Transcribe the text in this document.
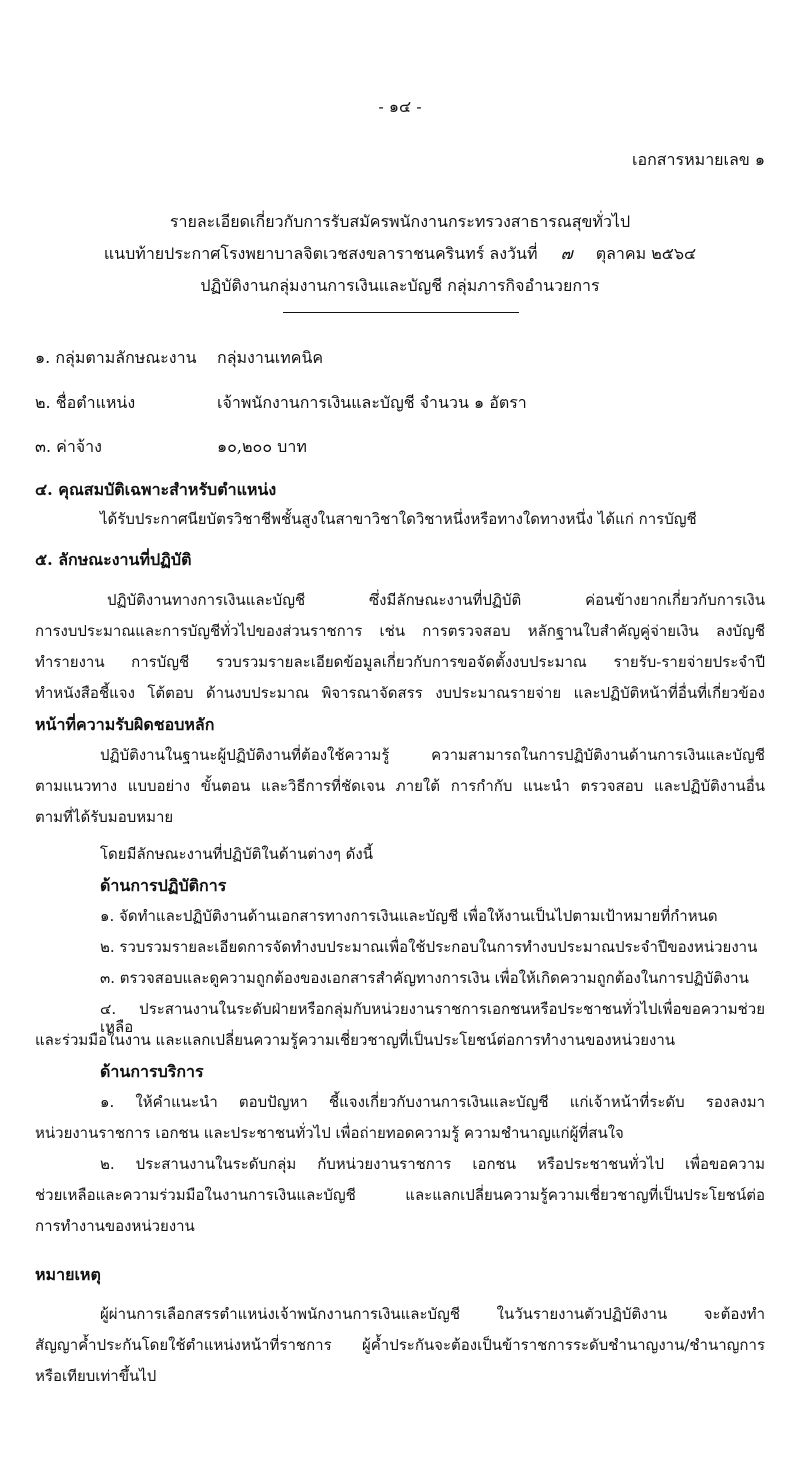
- ๑๔ -
เอกสารหมายเลข ๑
รายละเอียดเกี่ยวกับการรับสมัครพนักงานกระทรวงสาธารณสุขทั่วไป
แนบท้ายประกาศโรงพยาบาลจิตเวชสงขลาราชนครินทร์ ลงวันที่ ๗ ตุลาคม ๒๕๖๔
ปฏิบัติงานกลุ่มงานการเงินและบัญชี กลุ่มภารกิจอำนวยการ
๑. กลุ่มตามลักษณะงาน กลุ่มงานเทคนิค
๒. ชื่อตำแหน่ง	เจ้าพนักงานการเงินและบัญชี จำนวน ๑ อัตรา
๓. ค่าจ้าง	๑๐,๒๐๐ บาท
๔. คุณสมบัติเฉพาะสำหรับตำแหน่ง
ได้รับประกาศนียบัตรวิชาชีพชั้นสูงในสาขาวิชาใดวิชาหนึ่งหรือทางใดทางหนึ่ง ได้แก่ การบัญชี
๕. ลักษณะงานที่ปฏิบัติ
ปฏิบัติงานทางการเงินและบัญชี ซึ่งมีลักษณะงานที่ปฏิบัติ ค่อนข้างยากเกี่ยวกับการเงิน
การงบประมาณและการบัญชีทั่วไปของส่วนราชการ เช่น การตรวจสอบ หลักฐานใบสำคัญคู่จ่ายเงิน ลงบัญชี
ทำรายงาน การบัญชี รวบรวมรายละเอียดข้อมูลเกี่ยวกับการขอจัดตั้งงบประมาณ รายรับ-รายจ่ายประจำปี
ทำหนังสือชี้แจง โต้ตอบ ด้านงบประมาณ พิจารณาจัดสรร งบประมาณรายจ่าย และปฏิบัติหน้าที่อื่นที่เกี่ยวข้อง
หน้าที่ความรับผิดชอบหลัก
ปฏิบัติงานในฐานะผู้ปฏิบัติงานที่ต้องใช้ความรู้ ความสามารถในการปฏิบัติงานด้านการเงินและบัญชี
ตามแนวทาง แบบอย่าง ขั้นตอน และวิธีการที่ชัดเจน ภายใต้ การกำกับ แนะนำ ตรวจสอบ และปฏิบัติงานอื่น
ตามที่ได้รับมอบหมาย
โดยมีลักษณะงานที่ปฏิบัติในด้านต่างๆ ดังนี้
ด้านการปฏิบัติการ
๑. จัดทำและปฏิบัติงานด้านเอกสารทางการเงินและบัญชี เพื่อให้งานเป็นไปตามเป้าหมายที่กำหนด
๒. รวบรวมรายละเอียดการจัดทำงบประมาณเพื่อใช้ประกอบในการทำงบประมาณประจำปีของหน่วยงาน
๓. ตรวจสอบและดูความถูกต้องของเอกสารสำคัญทางการเงิน เพื่อให้เกิดความถูกต้องในการปฏิบัติงาน
๔. ประสานงานในระดับฝ่ายหรือกลุ่มกับหน่วยงานราชการเอกชนหรือประชาชนทั่วไปเพื่อขอความช่วยเหลือ
และร่วมมือในงาน และแลกเปลี่ยนความรู้ความเชี่ยวชาญที่เป็นประโยชน์ต่อการทำงานของหน่วยงาน
ด้านการบริการ
๑. ให้คำแนะนำ ตอบปัญหา ชี้แจงเกี่ยวกับงานการเงินและบัญชี แก่เจ้าหน้าที่ระดับ รองลงมา
หน่วยงานราชการ เอกชน และประชาชนทั่วไป เพื่อถ่ายทอดความรู้ ความชำนาญแก่ผู้ที่สนใจ
๒. ประสานงานในระดับกลุ่ม กับหน่วยงานราชการ เอกชน หรือประชาชนทั่วไป เพื่อขอความ
ช่วยเหลือและความร่วมมือในงานการเงินและบัญชี และแลกเปลี่ยนความรู้ความเชี่ยวชาญที่เป็นประโยชน์ต่อ
การทำงานของหน่วยงาน
หมายเหตุ
ผู้ผ่านการเลือกสรรตำแหน่งเจ้าพนักงานการเงินและบัญชี ในวันรายงานตัวปฏิบัติงาน จะต้องทำ
สัญญาค้ำประกันโดยใช้ตำแหน่งหน้าที่ราชการ ผู้ค้ำประกันจะต้องเป็นข้าราชการระดับชำนาญงาน/ชำนาญการ
หรือเทียบเท่าขึ้นไป
